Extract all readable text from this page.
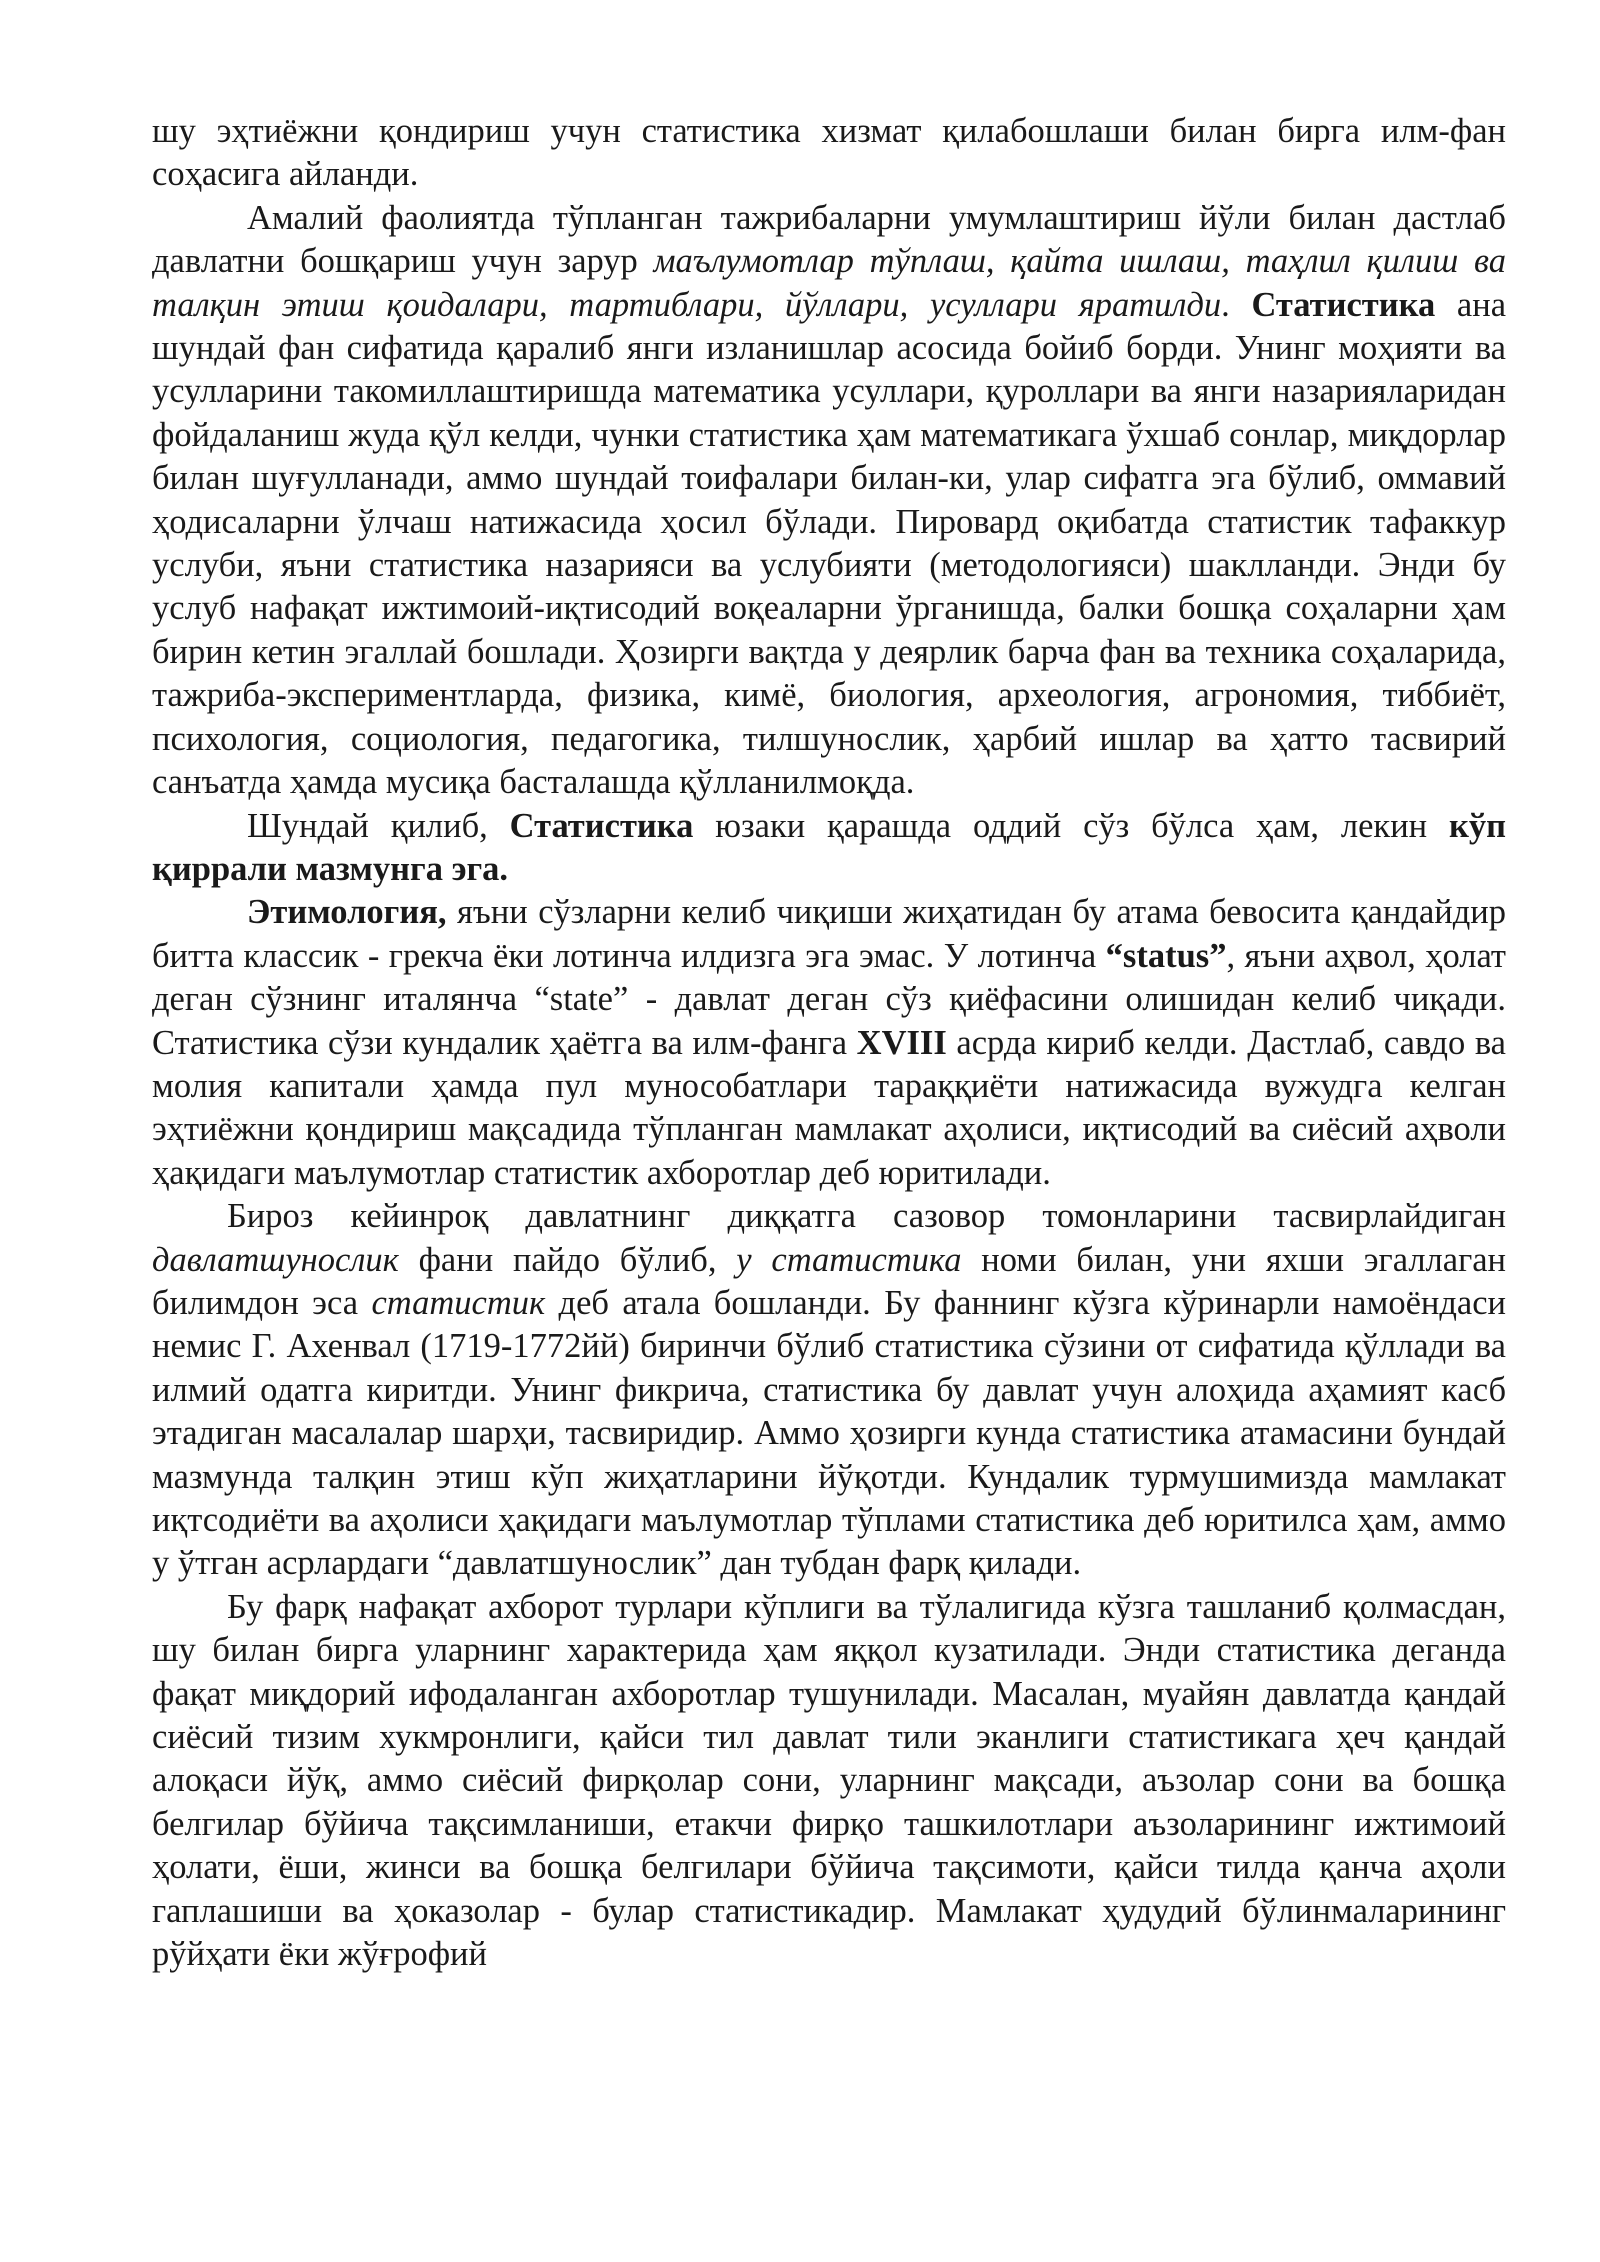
шу эҳтиёжни қондириш учун статистика хизмат қилабошлаши билан бирга илм-фан соҳасига айланди.

Амалий фаолиятда тўпланган тажрибаларни умумлаштириш йўли билан дастлаб давлатни бошқариш учун зарур маълумотлар тўплаш, қайта ишлаш, таҳлил қилиш ва талқин этиш қоидалари, тартиблари, йўллари, усуллари яратилди. Статистика ана шундай фан сифатида қаралиб янги изланишлар асосида бойиб борди. Унинг моҳияти ва усулларини такомиллаштиришда математика усуллари, қуроллари ва янги назарияларидан фойдаланиш жуда қўл келди, чунки статистика ҳам математикага ўхшаб сонлар, миқдорлар билан шуғулланади, аммо шундай тоифалари билан-ки, улар сифатга эга бўлиб, оммавий ҳодисаларни ўлчаш натижасида ҳосил бўлади. Пировард оқибатда статистик тафаккур услуби, яъни статистика назарияси ва услубияти (методологияси) шаклланди. Энди бу услуб нафақат ижтимоий-иқтисодий воқеаларни ўрганишда, балки бошқа соҳаларни ҳам бирин кетин эгаллай бошлади. Ҳозирги вақтда у деярлик барча фан ва техника соҳаларида, тажриба-экспериментларда, физика, кимё, биология, археология, агрономия, тиббиёт, психология, социология, педагогика, тилшунослик, ҳарбий ишлар ва ҳатто тасвирий санъатда ҳамда мусиқа басталашда қўлланилмоқда.

Шундай қилиб, Статистика юзаки қарашда оддий сўз бўлса ҳам, лекин кўп қиррали мазмунга эга.

Этимология, яъни сўзларни келиб чиқиши жиҳатидан бу атама бевосита қандайдир битта классик - грекча ёки лотинча илдизга эга эмас. У лотинча “status”, яъни аҳвол, ҳолат деган сўзнинг италянча “state” - давлат деган сўз қиёфасини олишидан келиб чиқади. Статистика сўзи кундалик ҳаётга ва илм-фанга XVIII асрда кириб келди. Дастлаб, савдо ва молия капитали ҳамда пул мунособатлари тараққиёти натижасида вужудга келган эҳтиёжни қондириш мақсадида тўпланган мамлакат аҳолиси, иқтисодий ва сиёсий аҳволи ҳақидаги маълумотлар статистик ахборотлар деб юритилади.

Бироз кейинроқ давлатнинг диққатга сазовор томонларини тасвирлайдиган давлатшунослик фани пайдо бўлиб, у статистика номи билан, уни яхши эгаллаган билимдон эса статистик деб атала бошланди. Бу фаннинг кўзга кўринарли намоёндаси немис Г. Ахенвал (1719-1772йй) биринчи бўлиб статистика сўзини от сифатида қўллади ва илмий одатга киритди. Унинг фикрича, статистика бу давлат учун алоҳида аҳамият касб этадиган масалалар шарҳи, тасвиридир. Аммо ҳозирги кунда статистика атамасини бундай мазмунда талқин этиш кўп жиҳатларини йўқотди. Кундалик турмушимизда мамлакат иқтсодиёти ва аҳолиси ҳақидаги маълумотлар тўплами статистика деб юритилса ҳам, аммо у ўтган асрлардаги “давлатшунослик” дан тубдан фарқ қилади.

Бу фарқ нафақат ахборот турлари кўплиги ва тўлалигида кўзга ташланиб қолмасдан, шу билан бирга уларнинг характерида ҳам яққол кузатилади. Энди статистика деганда фақат миқдорий ифодаланган ахборотлар тушунилади. Масалан, муайян давлатда қандай сиёсий тизим хукмронлиги, қайси тил давлат тили эканлиги статистикага ҳеч қандай алоқаси йўқ, аммо сиёсий фирқолар сони, уларнинг мақсади, аъзолар сони ва бошқа белгилар бўйича тақсимланиши, етакчи фирқо ташкилотлари аъзоларининг ижтимоий ҳолати, ёши, жинси ва бошқа белгилари бўйича тақсимоти, қайси тилда қанча аҳоли гаплашиши ва ҳоказолар - булар статистикадир. Мамлакат ҳудудий бўлинмаларининг рўйҳати ёки жўғрофий
